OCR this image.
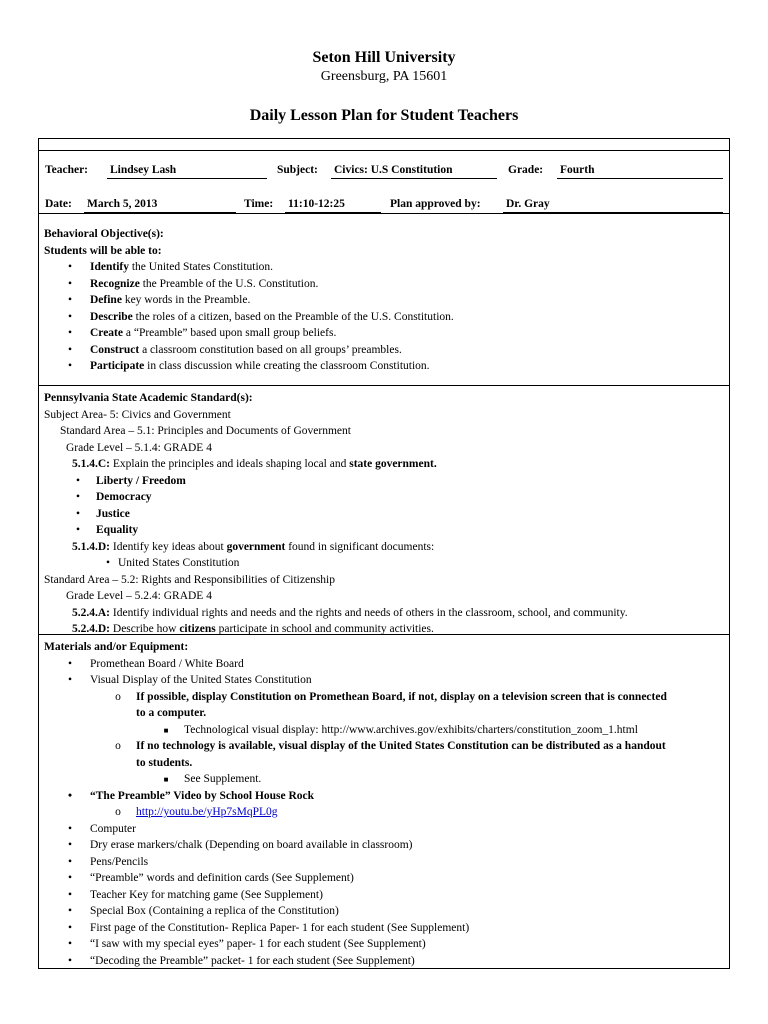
Seton Hill University
Greensburg, PA 15601
Daily Lesson Plan for Student Teachers
Teacher: Lindsey Lash	Subject: Civics: U.S Constitution	Grade: Fourth
Date: March 5, 2013	Time: 11:10-12:25	Plan approved by: Dr. Gray
Behavioral Objective(s):
Students will be able to:
•	Identify the United States Constitution.
•	Recognize the Preamble of the U.S. Constitution.
•	Define key words in the Preamble.
•	Describe the roles of a citizen, based on the Preamble of the U.S. Constitution.
•	Create a “Preamble” based upon small group beliefs.
•	Construct a classroom constitution based on all groups’ preambles.
•	Participate in class discussion while creating the classroom Constitution.
Pennsylvania State Academic Standard(s):
Subject Area- 5: Civics and Government
Standard Area – 5.1: Principles and Documents of Government
Grade Level – 5.1.4: GRADE 4
5.1.4.C: Explain the principles and ideals shaping local and state government.
•	Liberty / Freedom
•	Democracy
•	Justice
•	Equality
5.1.4.D: Identify key ideas about government found in significant documents:
• United States Constitution
Standard Area – 5.2: Rights and Responsibilities of Citizenship
Grade Level – 5.2.4: GRADE 4
5.2.4.A: Identify individual rights and needs and the rights and needs of others in the classroom, school, and community.
5.2.4.D: Describe how citizens participate in school and community activities.
Materials and/or Equipment:
•	Promethean Board / White Board
•	Visual Display of the United States Constitution
o If possible, display Constitution on Promethean Board, if not, display on a television screen that is connected
to a computer.
■	Technological visual display: http://www.archives.gov/exhibits/charters/constitution_zoom_1.html
o If no technology is available, visual display of the United States Constitution can be distributed as a handout
to students.
■	See Supplement.
•	“The Preamble” Video by School House Rock
o http://youtu.be/yHp7sMqPL0g
•	Computer
•	Dry erase markers/chalk (Depending on board available in classroom)
•	Pens/Pencils
•	“Preamble” words and definition cards (See Supplement)
•	Teacher Key for matching game (See Supplement)
•	Special Box (Containing a replica of the Constitution)
•	First page of the Constitution- Replica Paper- 1 for each student (See Supplement)
•	“I saw with my special eyes” paper- 1 for each student (See Supplement)
•	“Decoding the Preamble” packet- 1 for each student (See Supplement)
